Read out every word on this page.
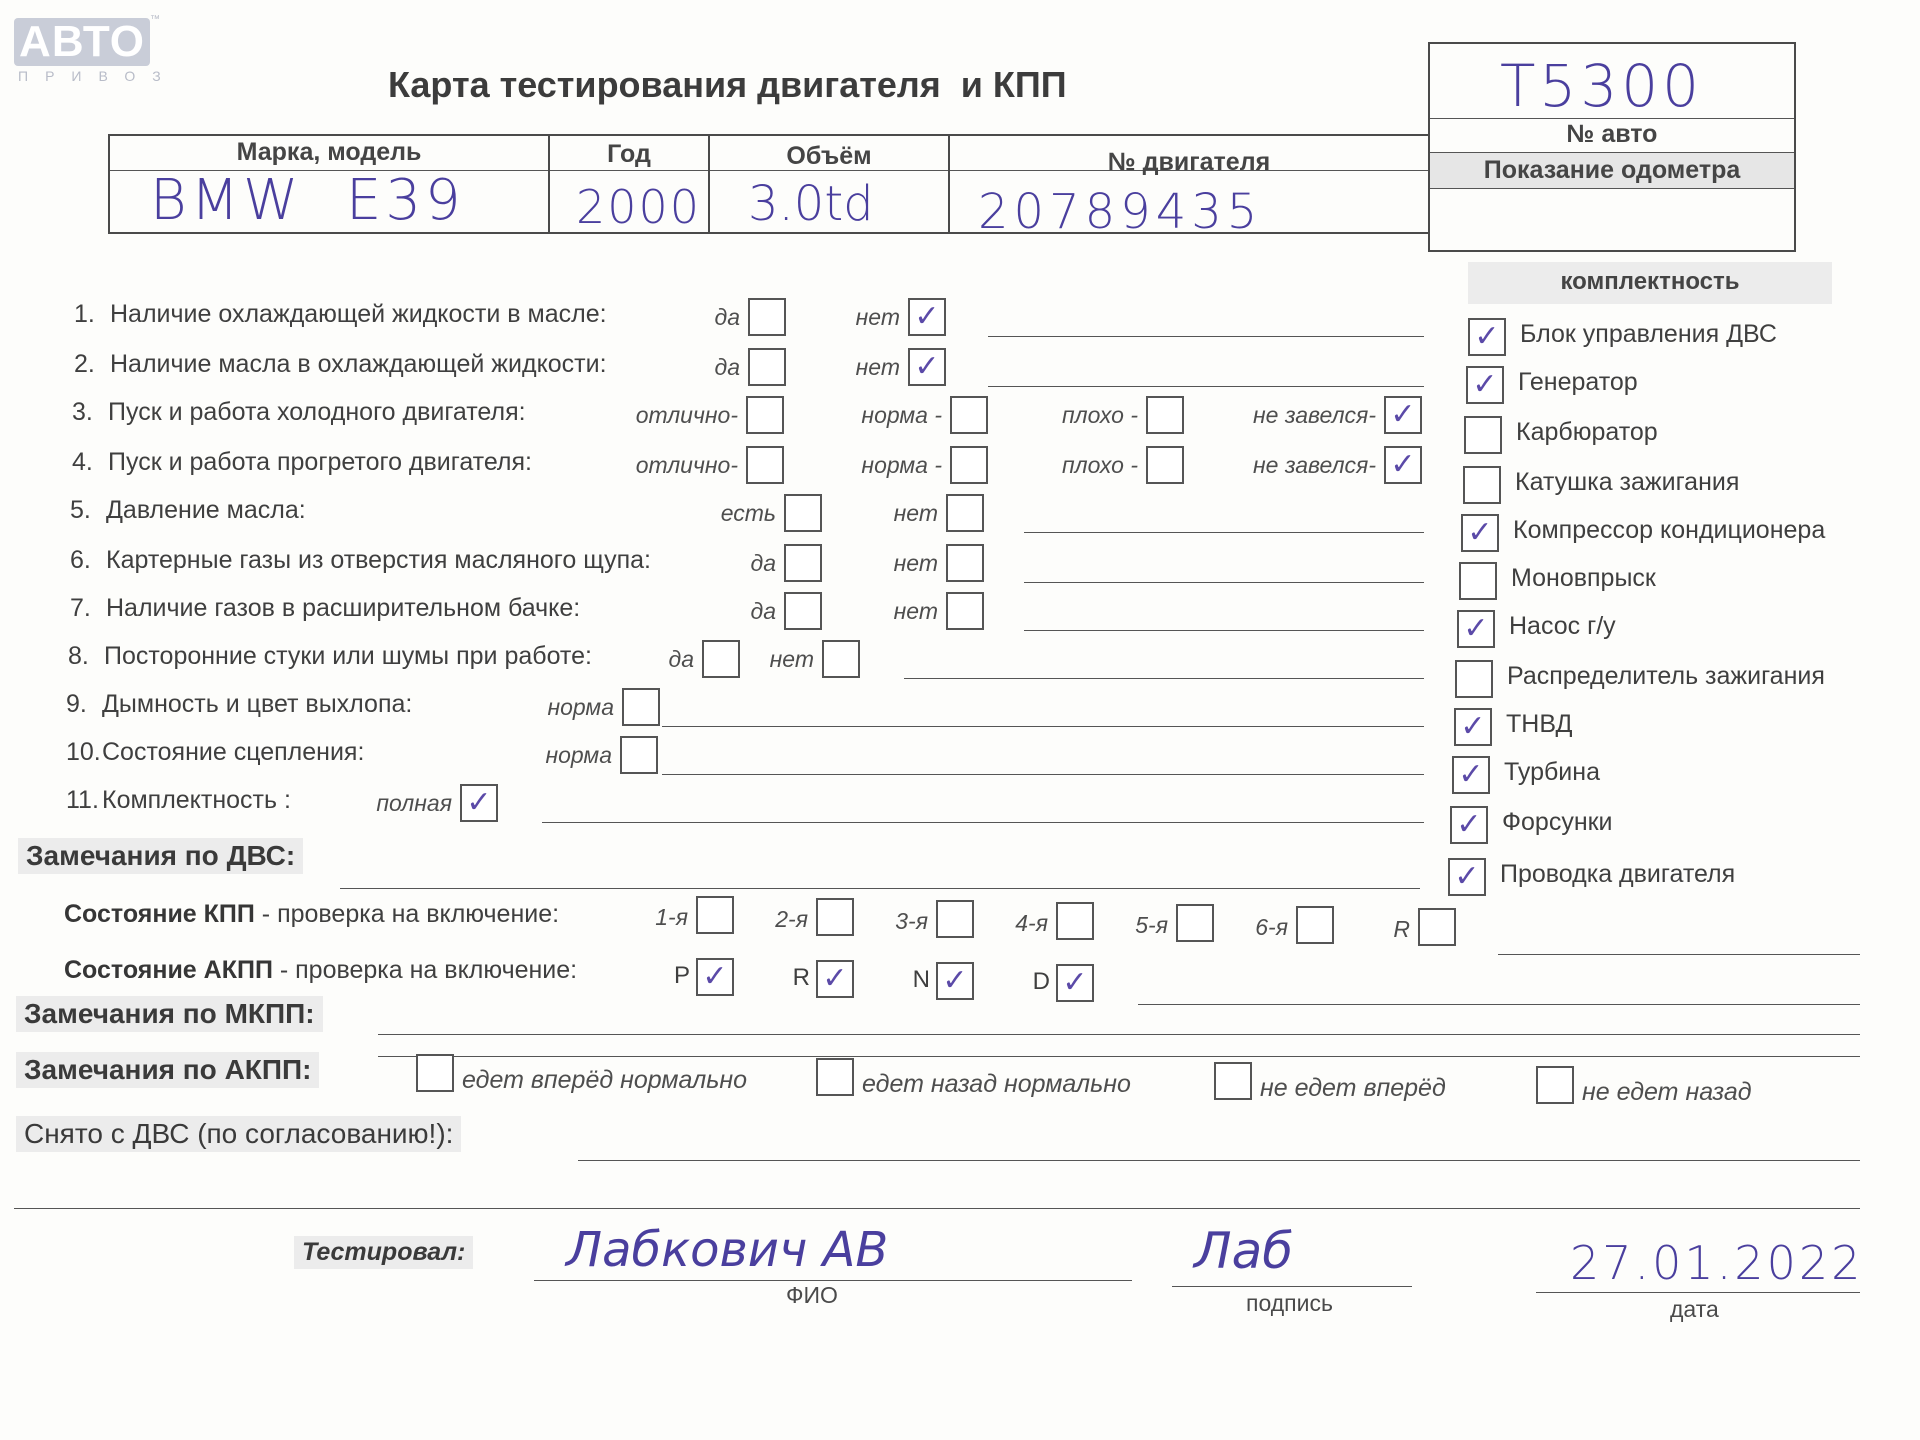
АВТО ™
ПРИВОЗ	Карта тестирования двигателя  и КПП	T5300
№ авто
Показание одометра
Марка, модель	Год	Объём	№ двигателя
BMW  E39 2000 3.0td 20789435
1. Наличие охлаждающей жидкости в масле:	да	нет ✓
2. Наличие масла в охлаждающей жидкости:	да	нет ✓
3. Пуск и работа холодного двигателя:	отлично-	норма -	плохо -	не завелся- ✓
4. Пуск и работа прогретого двигателя:	отлично-	норма -	плохо -	не завелся- ✓
5. Давление масла:	есть	нет
6. Картерные газы из отверстия масляного щупа:	да	нет
7. Наличие газов в расширительном бачке:	да	нет
8. Посторонние стуки или шумы при работе:	да	нет
9. Дымность и цвет выхлопа:	норма
10. Состояние сцепления:	норма
11. Комплектность :	полная ✓
комплектность
✓ Блок управления ДВС
✓ Генератор
Карбюратор
Катушка зажигания
✓ Компрессор кондиционера
Моновпрыск
✓ Насос г/у
Распределитель зажигания
✓ ТНВД
✓ Турбина
✓ Форсунки
✓ Проводка двигателя
Замечания по ДВС:
Состояние КПП - проверка на включение:	1-я	2-я	3-я	4-я	5-я	6-я	R
Состояние АКПП - проверка на включение:	P ✓	R ✓	N ✓	D ✓
Замечания по МКПП:
Замечания по АКПП:	едет вперёд нормально	едет назад нормально	не едет вперёд	не едет назад
Снято с ДВС (по согласованию!):
Тестировал: Лабкович АВ
ФИО
Лаб
подпись
27.01.2022
дата
